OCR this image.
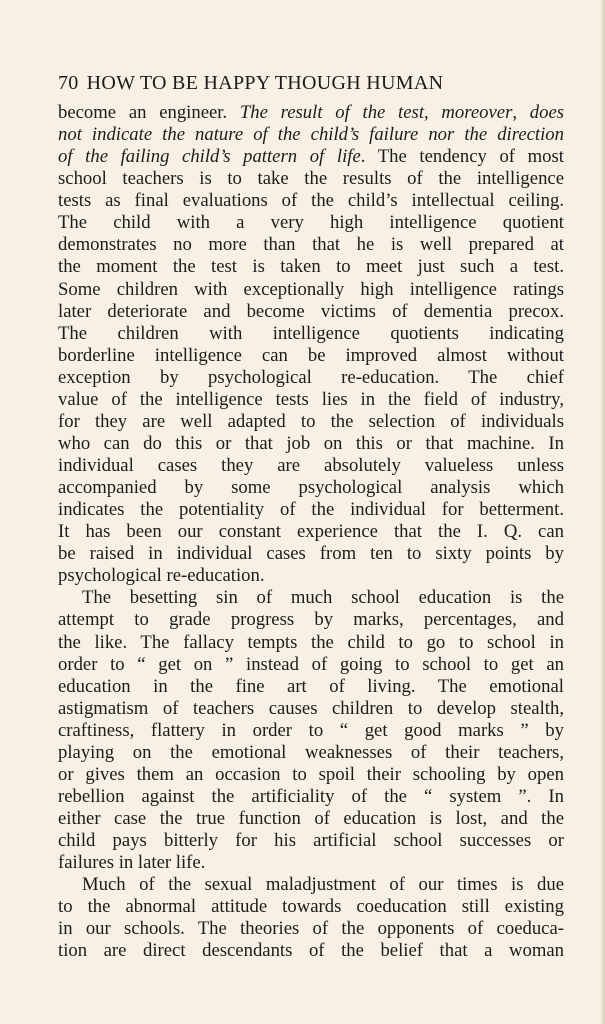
70 HOW TO BE HAPPY THOUGH HUMAN
become an engineer. The result of the test, moreover, does
not indicate the nature of the child’s failure nor the direction
of the failing child’s pattern of life. The tendency of most
school teachers is to take the results of the intelligence
tests as final evaluations of the child’s intellectual ceiling.
The child with a very high intelligence quotient
demonstrates no more than that he is well prepared at
the moment the test is taken to meet just such a test.
Some children with exceptionally high intelligence ratings
later deteriorate and become victims of dementia precox.
The children with intelligence quotients indicating
borderline intelligence can be improved almost without
exception by psychological re-education. The chief
value of the intelligence tests lies in the field of industry,
for they are well adapted to the selection of individuals
who can do this or that job on this or that machine. In
individual cases they are absolutely valueless unless
accompanied by some psychological analysis which
indicates the potentiality of the individual for betterment.
It has been our constant experience that the I. Q. can
be raised in individual cases from ten to sixty points by
psychological re-education.
The besetting sin of much school education is the
attempt to grade progress by marks, percentages, and
the like. The fallacy tempts the child to go to school in
order to “ get on ” instead of going to school to get an
education in the fine art of living. The emotional
astigmatism of teachers causes children to develop stealth,
craftiness, flattery in order to “ get good marks ” by
playing on the emotional weaknesses of their teachers,
or gives them an occasion to spoil their schooling by open
rebellion against the artificiality of the “ system ”. In
either case the true function of education is lost, and the
child pays bitterly for his artificial school successes or
failures in later life.
Much of the sexual maladjustment of our times is due
to the abnormal attitude towards coeducation still existing
in our schools. The theories of the opponents of coeduca-
tion are direct descendants of the belief that a woman
